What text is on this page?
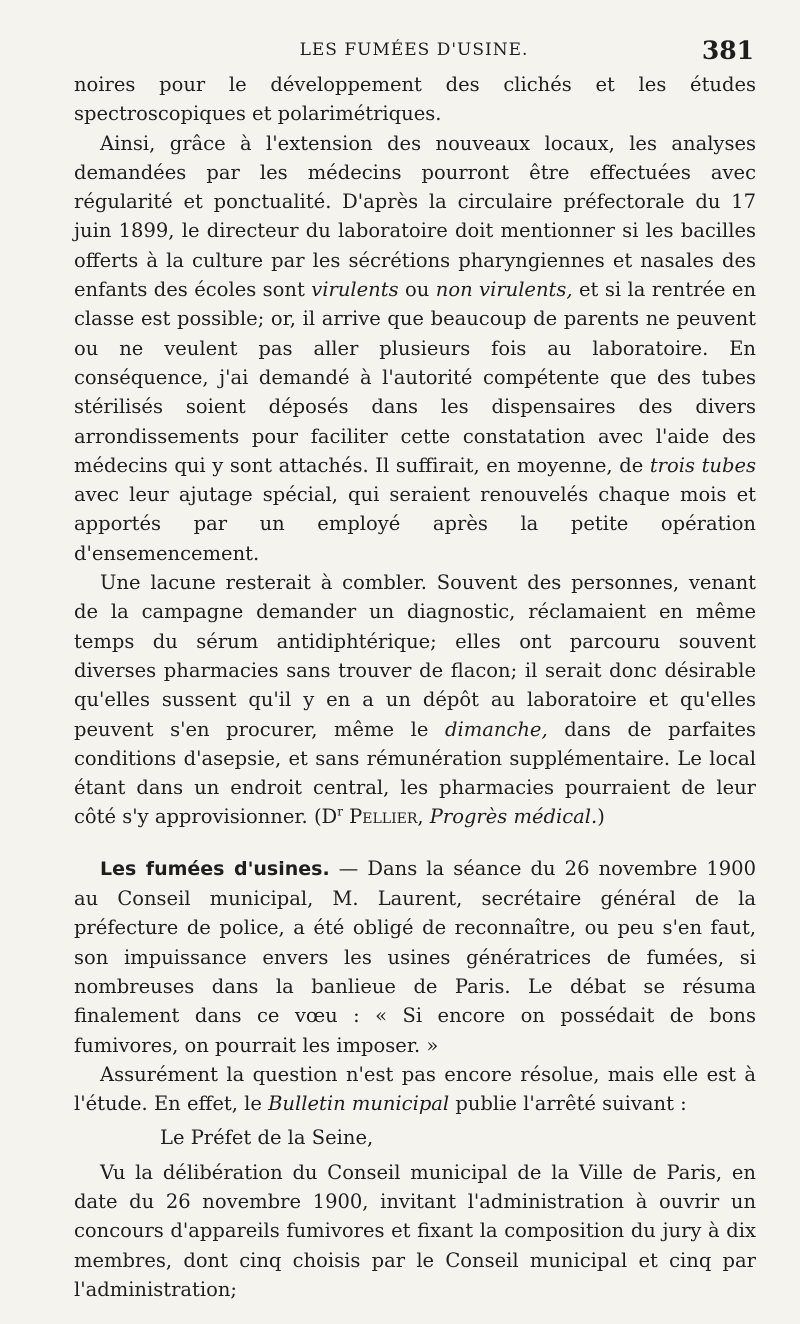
LES FUMÉES D'USINE.	381

noires pour le développement des clichés et les études spectroscopiques et polarimétriques.

Ainsi, grâce à l'extension des nouveaux locaux, les analyses demandées par les médecins pourront être effectuées avec régularité et ponctualité. D'après la circulaire préfectorale du 17 juin 1899, le directeur du laboratoire doit mentionner si les bacilles offerts à la culture par les sécrétions pharyngiennes et nasales des enfants des écoles sont virulents ou non virulents, et si la rentrée en classe est possible; or, il arrive que beaucoup de parents ne peuvent ou ne veulent pas aller plusieurs fois au laboratoire. En conséquence, j'ai demandé à l'autorité compétente que des tubes stérilisés soient déposés dans les dispensaires des divers arrondissements pour faciliter cette constatation avec l'aide des médecins qui y sont attachés. Il suffirait, en moyenne, de trois tubes avec leur ajutage spécial, qui seraient renouvelés chaque mois et apportés par un employé après la petite opération d'ensemencement.

Une lacune resterait à combler. Souvent des personnes, venant de la campagne demander un diagnostic, réclamaient en même temps du sérum antidiphtérique; elles ont parcouru souvent diverses pharmacies sans trouver de flacon; il serait donc désirable qu'elles sussent qu'il y en a un dépôt au laboratoire et qu'elles peuvent s'en procurer, même le dimanche, dans de parfaites conditions d'asepsie, et sans rémunération supplémentaire. Le local étant dans un endroit central, les pharmacies pourraient de leur côté s'y approvisionner. ($D^r$ Pellier, Progrès médical.)

Les fumées d'usines. — Dans la séance du 26 novembre 1900 au Conseil municipal, M. Laurent, secrétaire général de la préfecture de police, a été obligé de reconnaître, ou peu s'en faut, son impuissance envers les usines génératrices de fumées, si nombreuses dans la banlieue de Paris. Le débat se résuma finalement dans ce vœu : « Si encore on possédait de bons fumivores, on pourrait les imposer. »

Assurément la question n'est pas encore résolue, mais elle est à l'étude. En effet, le Bulletin municipal publie l'arrêté suivant :

Le Préfet de la Seine,

Vu la délibération du Conseil municipal de la Ville de Paris, en date du 26 novembre 1900, invitant l'administration à ouvrir un concours d'appareils fumivores et fixant la composition du jury à dix membres, dont cinq choisis par le Conseil municipal et cinq par l'administration;
